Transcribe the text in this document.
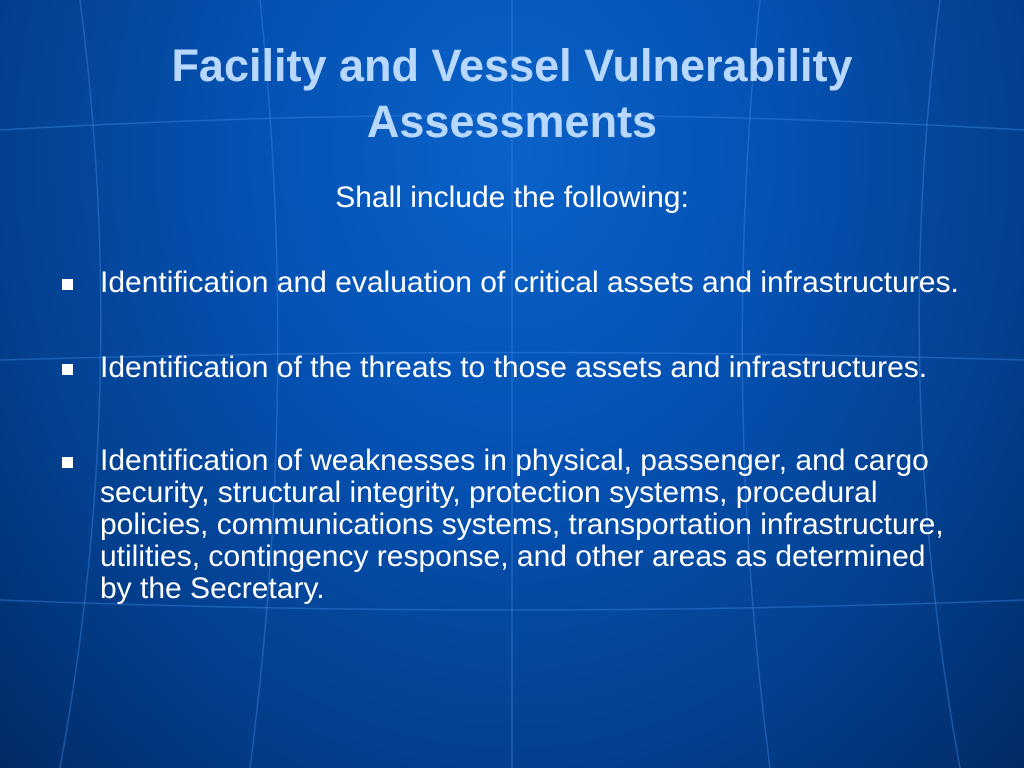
Facility and Vessel Vulnerability
Assessments
Shall include the following:
Identification and evaluation of critical assets and infrastructures.
Identification of the threats to those assets and infrastructures.
Identification of weaknesses in physical, passenger, and cargo security, structural integrity, protection systems, procedural policies, communications systems, transportation infrastructure, utilities, contingency response, and other areas as determined by the Secretary.
